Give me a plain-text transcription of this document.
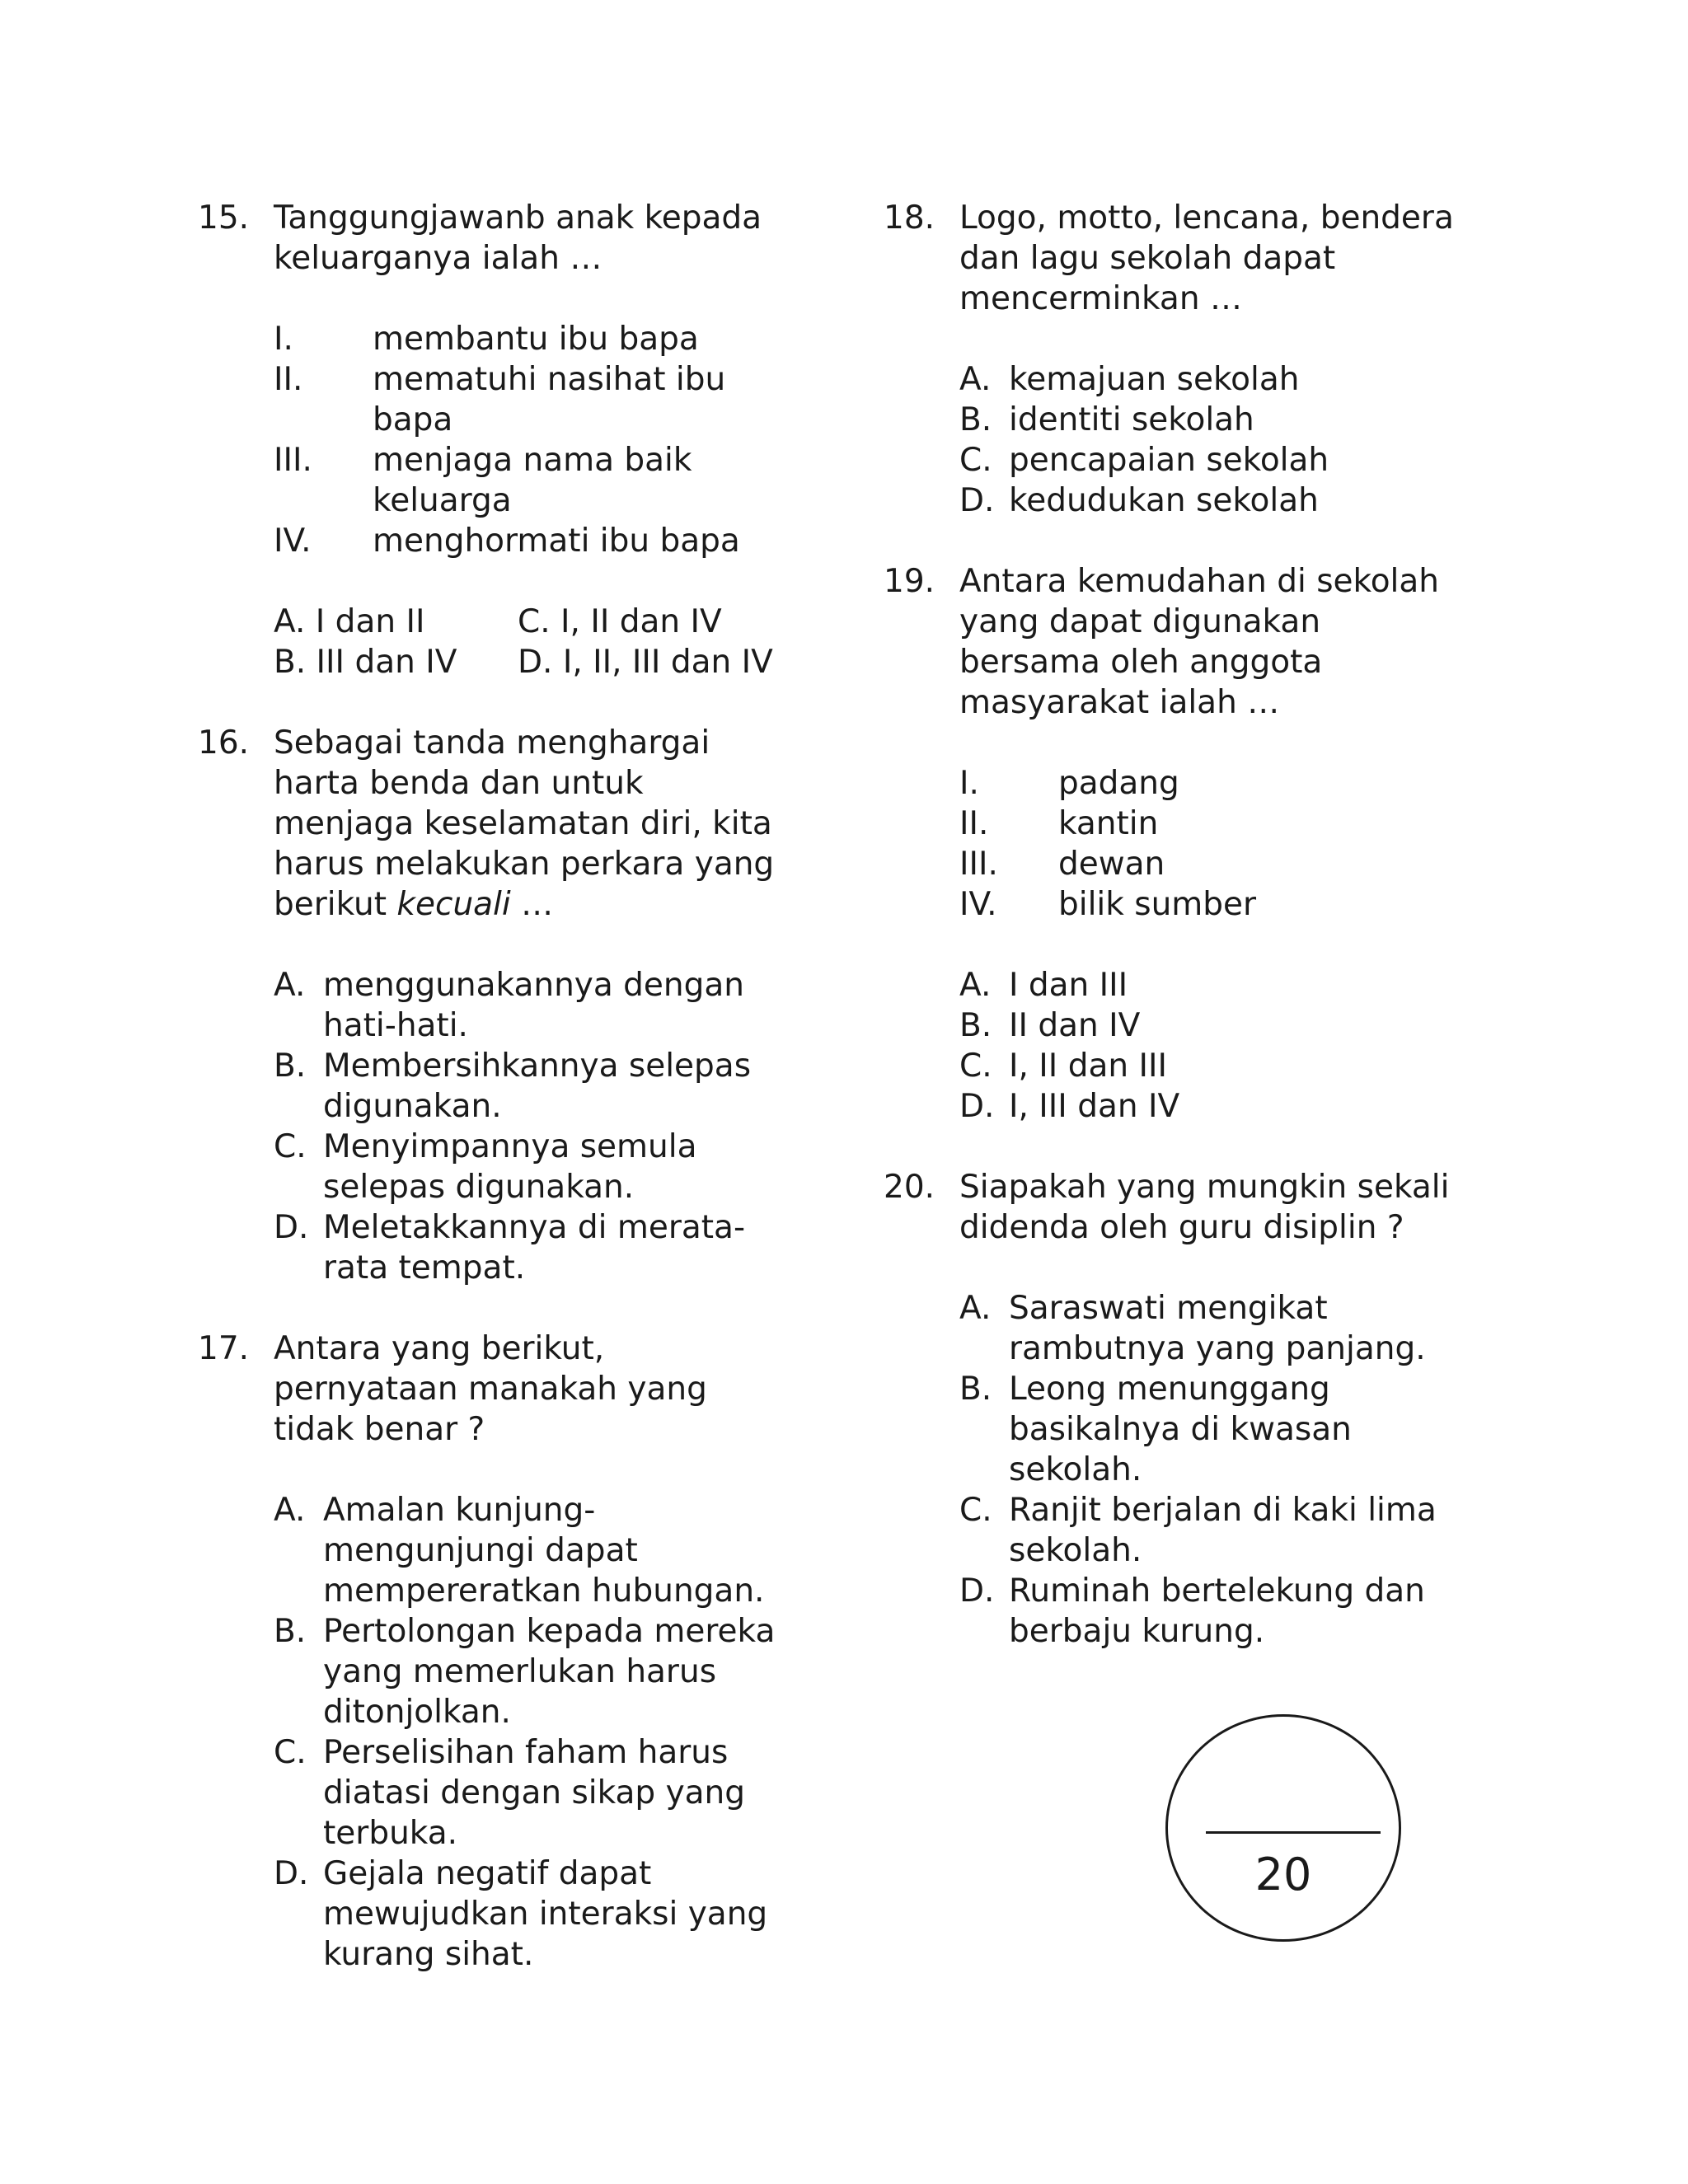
15. Tanggungjawanb anak kepada keluarganya ialah …
I.	membantu ibu bapa
II.	mematuhi nasihat ibu bapa
III.	menjaga nama baik keluarga
IV.	menghormati ibu bapa
A. I dan II	C. I, II dan IV
B. III dan IV	D. I, II, III dan IV
16. Sebagai tanda menghargai harta benda dan untuk menjaga keselamatan diri, kita harus melakukan perkara yang berikut kecuali …
A. menggunakannya dengan hati-hati.
B. Membersihkannya selepas digunakan.
C. Menyimpannya semula selepas digunakan.
D. Meletakkannya di merata-rata tempat.
17. Antara yang berikut, pernyataan manakah yang tidak benar ?
A. Amalan kunjung-mengunjungi dapat mempereratkan hubungan.
B. Pertolongan kepada mereka yang memerlukan harus ditonjolkan.
C. Perselisihan faham harus diatasi dengan sikap yang terbuka.
D. Gejala negatif dapat mewujudkan interaksi yang kurang sihat.
18. Logo, motto, lencana, bendera dan lagu sekolah dapat mencerminkan …
A. kemajuan sekolah
B. identiti sekolah
C. pencapaian sekolah
D. kedudukan sekolah
19. Antara kemudahan di sekolah yang dapat digunakan bersama oleh anggota masyarakat ialah …
I.	padang
II.	kantin
III.	dewan
IV.	bilik sumber
A. I dan III
B. II dan IV
C. I, II dan III
D. I, III dan IV
20. Siapakah yang mungkin sekali didenda oleh guru disiplin ?
A. Saraswati mengikat rambutnya yang panjang.
B. Leong menunggang basikalnya di kwasan sekolah.
C. Ranjit berjalan di kaki lima sekolah.
D. Ruminah bertelekung dan berbaju kurung.
20
